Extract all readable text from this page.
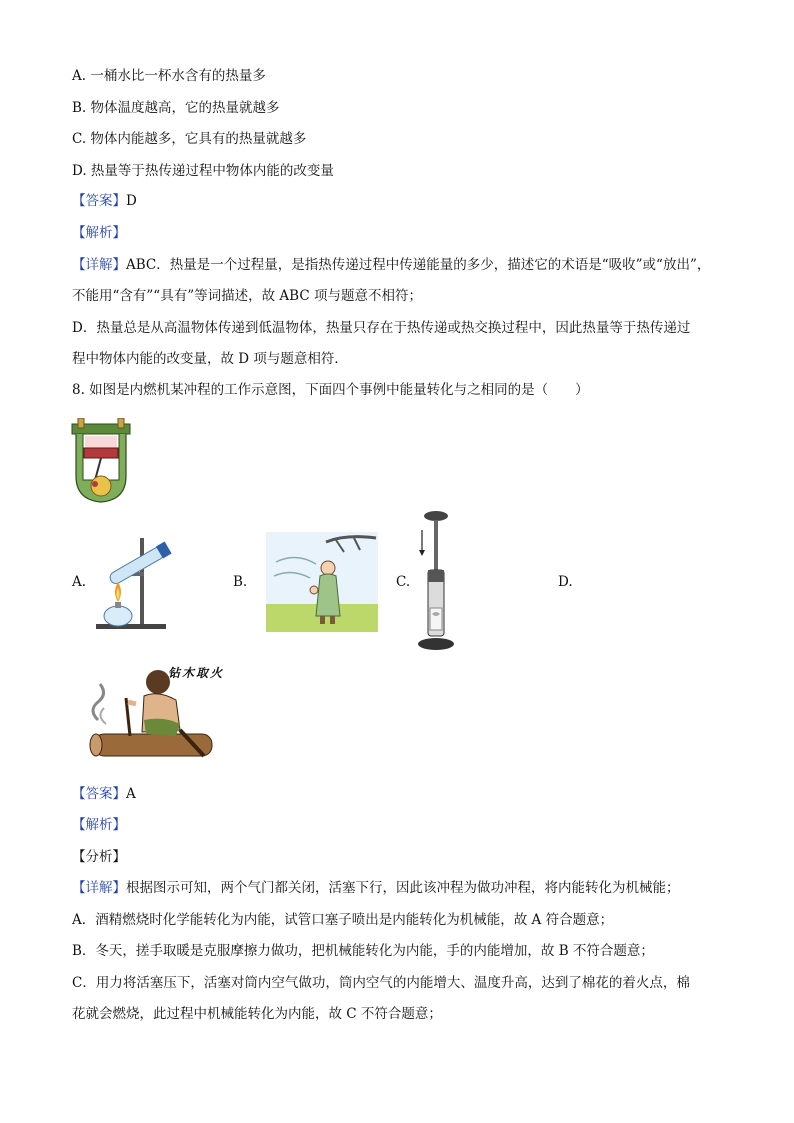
A. 一桶水比一杯水含有的热量多
B. 物体温度越高，它的热量就越多
C. 物体内能越多，它具有的热量就越多
D. 热量等于热传递过程中物体内能的改变量
【答案】D
【解析】
【详解】ABC．热量是一个过程量，是指热传递过程中传递能量的多少，描述它的术语是“吸收”或“放出”，
不能用“含有”“具有”等词描述，故 ABC 项与题意不相符；
D．热量总是从高温物体传递到低温物体，热量只存在于热传递或热交换过程中，因此热量等于热传递过
程中物体内能的改变量，故 D 项与题意相符．
8. 如图是内燃机某冲程的工作示意图，下面四个事例中能量转化与之相同的是（　　）
A.	B.	C.	D.
钻木取火
【答案】A
【解析】
【分析】
【详解】根据图示可知，两个气门都关闭，活塞下行，因此该冲程为做功冲程，将内能转化为机械能；
A．酒精燃烧时化学能转化为内能，试管口塞子喷出是内能转化为机械能，故 A 符合题意；
B．冬天，搓手取暖是克服摩擦力做功，把机械能转化为内能，手的内能增加，故 B 不符合题意；
C．用力将活塞压下，活塞对筒内空气做功，筒内空气的内能增大、温度升高，达到了棉花的着火点，棉
花就会燃烧，此过程中机械能转化为内能，故 C 不符合题意；
